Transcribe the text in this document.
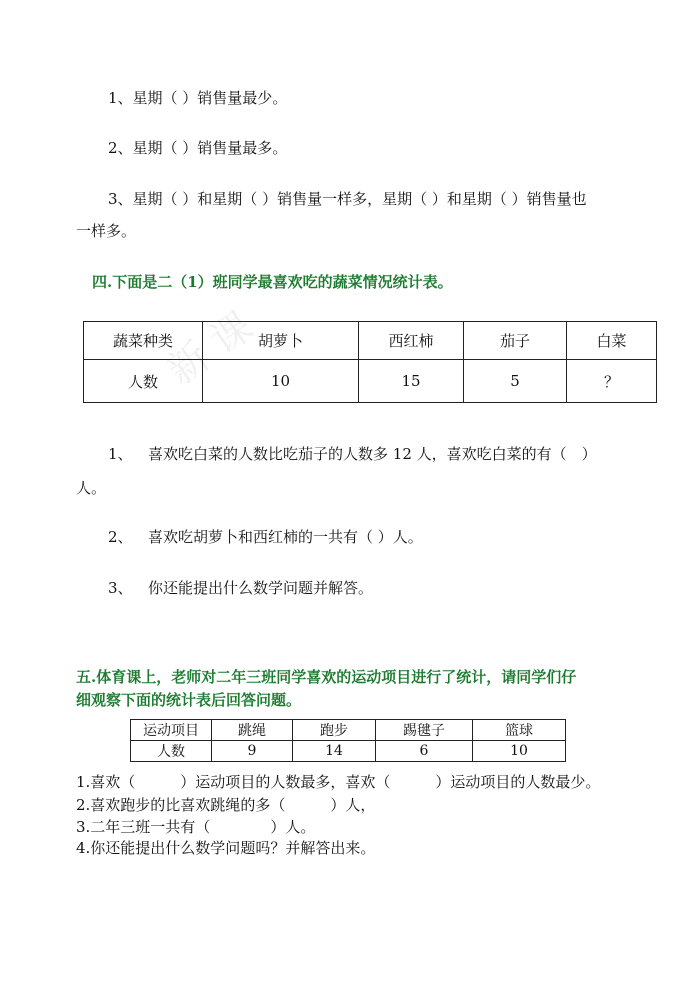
新 课
1、星期（ ）销售量最少。
2、星期（ ）销售量最多。
3、星期（ ）和星期（ ）销售量一样多，星期（ ）和星期（ ）销售量也
一样多。
四.下面是二（1）班同学最喜欢吃的蔬菜情况统计表。
蔬菜种类	胡萝卜	西红柿	茄子	白菜
人数	10	15	5	？
1、 喜欢吃白菜的人数比吃茄子的人数多 12 人，喜欢吃白菜的有（　）
人。
2、 喜欢吃胡萝卜和西红柿的一共有（ ）人。
3、 你还能提出什么数学问题并解答。
五.体育课上，老师对二年三班同学喜欢的运动项目进行了统计，请同学们仔
细观察下面的统计表后回答问题。
运动项目	跳绳	跑步	踢毽子	篮球
人数	9	14	6	10
1.喜欢（　　　）运动项目的人数最多，喜欢（　　　）运动项目的人数最少。
2.喜欢跑步的比喜欢跳绳的多（　　　）人，
3.二年三班一共有（　　　　）人。
4.你还能提出什么数学问题吗？并解答出来。
